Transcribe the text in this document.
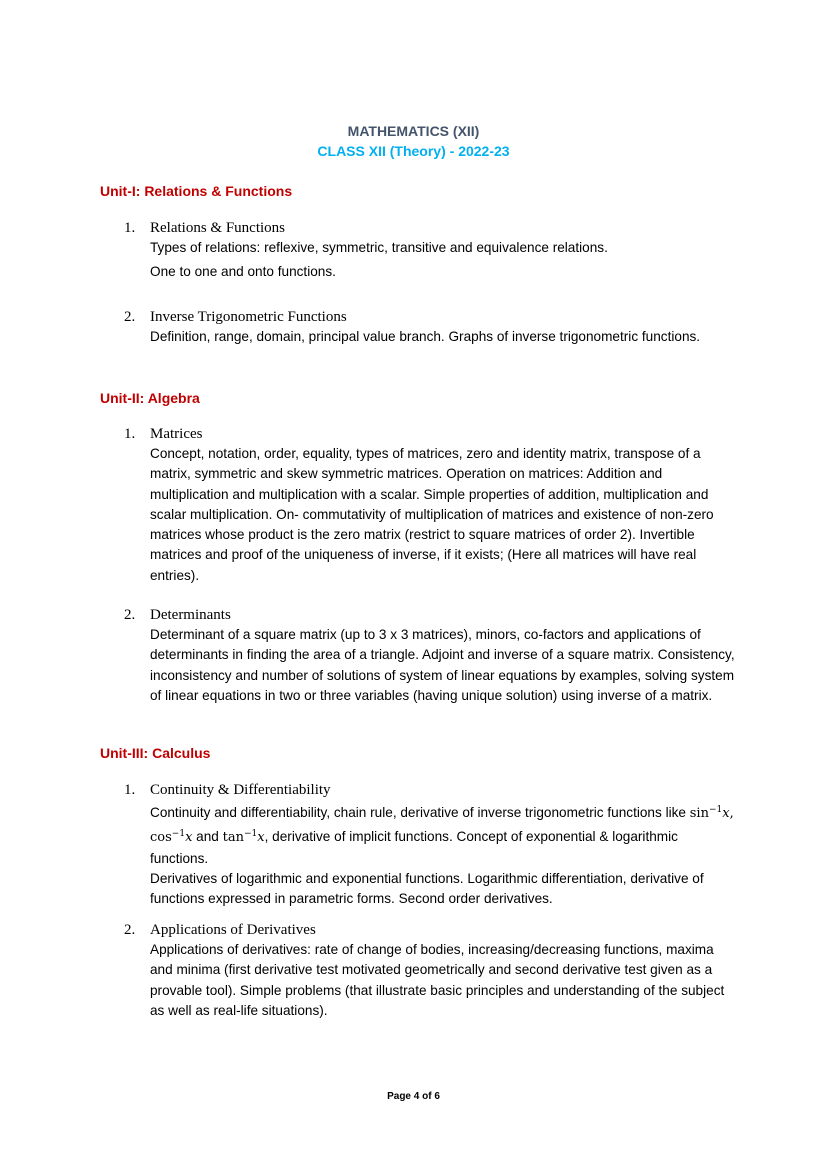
MATHEMATICS (XII)
CLASS XII (Theory) - 2022-23
Unit-I: Relations & Functions
1. Relations & Functions

Types of relations: reflexive, symmetric, transitive and equivalence relations.

One to one and onto functions.

2. Inverse Trigonometric Functions

Definition, range, domain, principal value branch. Graphs of inverse trigonometric functions.

Unit-II: Algebra
1. Matrices

Concept, notation, order, equality, types of matrices, zero and identity matrix, transpose of a matrix, symmetric and skew symmetric matrices. Operation on matrices: Addition and multiplication and multiplication with a scalar. Simple properties of addition, multiplication and scalar multiplication. On- commutativity of multiplication of matrices and existence of non-zero matrices whose product is the zero matrix (restrict to square matrices of order 2). Invertible matrices and proof of the uniqueness of inverse, if it exists; (Here all matrices will have real entries).

2. Determinants

Determinant of a square matrix (up to 3 x 3 matrices), minors, co-factors and applications of determinants in finding the area of a triangle. Adjoint and inverse of a square matrix. Consistency, inconsistency and number of solutions of system of linear equations by examples, solving system of linear equations in two or three variables (having unique solution) using inverse of a matrix.

Unit-III: Calculus
1. Continuity & Differentiability

Continuity and differentiability, chain rule, derivative of inverse trigonometric functions like $\sin^{-1}x$, $\cos^{-1}x$ and $\tan^{-1}x$, derivative of implicit functions. Concept of exponential & logarithmic functions.

Derivatives of logarithmic and exponential functions. Logarithmic differentiation, derivative of functions expressed in parametric forms. Second order derivatives.

2. Applications of Derivatives

Applications of derivatives: rate of change of bodies, increasing/decreasing functions, maxima and minima (first derivative test motivated geometrically and second derivative test given as a provable tool). Simple problems (that illustrate basic principles and understanding of the subject as well as real-life situations).

Page 4 of 6
